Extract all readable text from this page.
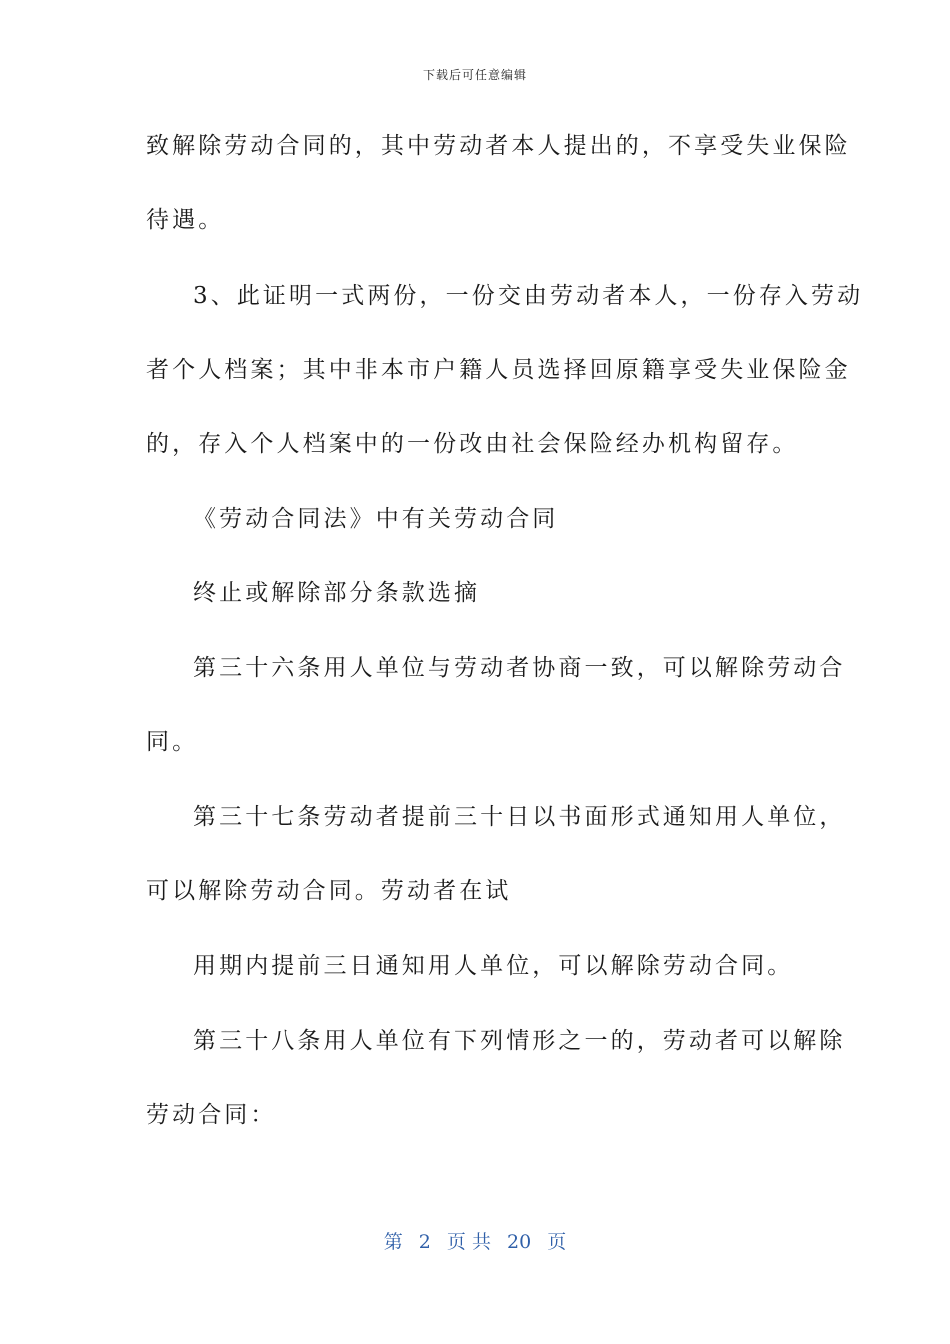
下载后可任意编辑
致解除劳动合同的，其中劳动者本人提出的，不享受失业保险
待遇。
3、此证明一式两份，一份交由劳动者本人，一份存入劳动
者个人档案；其中非本市户籍人员选择回原籍享受失业保险金
的，存入个人档案中的一份改由社会保险经办机构留存。
《劳动合同法》中有关劳动合同
终止或解除部分条款选摘
第三十六条用人单位与劳动者协商一致，可以解除劳动合
同。
第三十七条劳动者提前三十日以书面形式通知用人单位，
可以解除劳动合同。劳动者在试
用期内提前三日通知用人单位，可以解除劳动合同。
第三十八条用人单位有下列情形之一的，劳动者可以解除
劳动合同：
第 2 页 共 20 页
